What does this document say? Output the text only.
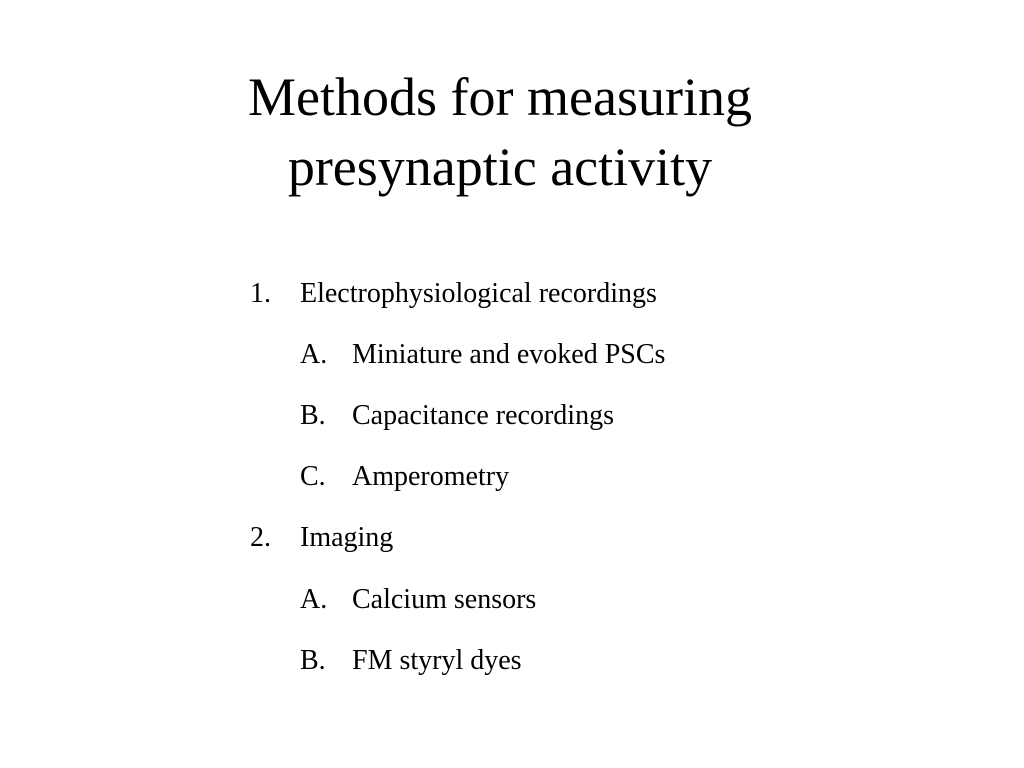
Methods for measuring
presynaptic activity
1. Electrophysiological recordings
A. Miniature and evoked PSCs
B. Capacitance recordings
C. Amperometry
2. Imaging
A. Calcium sensors
B. FM styryl dyes
